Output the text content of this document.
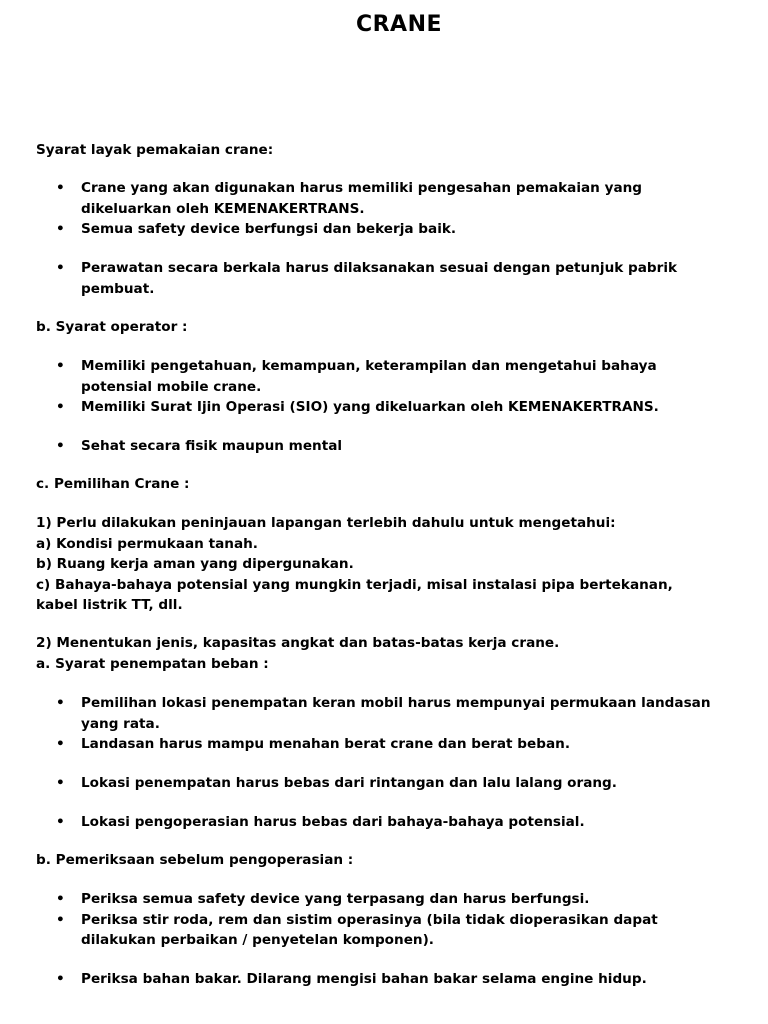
CRANE
Syarat layak pemakaian crane:
• Crane yang akan digunakan harus memiliki pengesahan pemakaian yang
dikeluarkan oleh KEMENAKERTRANS.
• Semua safety device berfungsi dan bekerja baik.
• Perawatan secara berkala harus dilaksanakan sesuai dengan petunjuk pabrik
pembuat.
b. Syarat operator :
• Memiliki pengetahuan, kemampuan, keterampilan dan mengetahui bahaya
potensial mobile crane.
• Memiliki Surat Ijin Operasi (SIO) yang dikeluarkan oleh KEMENAKERTRANS.
• Sehat secara fisik maupun mental
c. Pemilihan Crane :
1) Perlu dilakukan peninjauan lapangan terlebih dahulu untuk mengetahui:
a) Kondisi permukaan tanah.
b) Ruang kerja aman yang dipergunakan.
c) Bahaya-bahaya potensial yang mungkin terjadi, misal instalasi pipa bertekanan,
kabel listrik TT, dll.
2) Menentukan jenis, kapasitas angkat dan batas-batas kerja crane.
a. Syarat penempatan beban :
• Pemilihan lokasi penempatan keran mobil harus mempunyai permukaan landasan
yang rata.
• Landasan harus mampu menahan berat crane dan berat beban.
• Lokasi penempatan harus bebas dari rintangan dan lalu lalang orang.
• Lokasi pengoperasian harus bebas dari bahaya-bahaya potensial.
b. Pemeriksaan sebelum pengoperasian :
• Periksa semua safety device yang terpasang dan harus berfungsi.
• Periksa stir roda, rem dan sistim operasinya (bila tidak dioperasikan dapat
dilakukan perbaikan / penyetelan komponen).
• Periksa bahan bakar. Dilarang mengisi bahan bakar selama engine hidup.
